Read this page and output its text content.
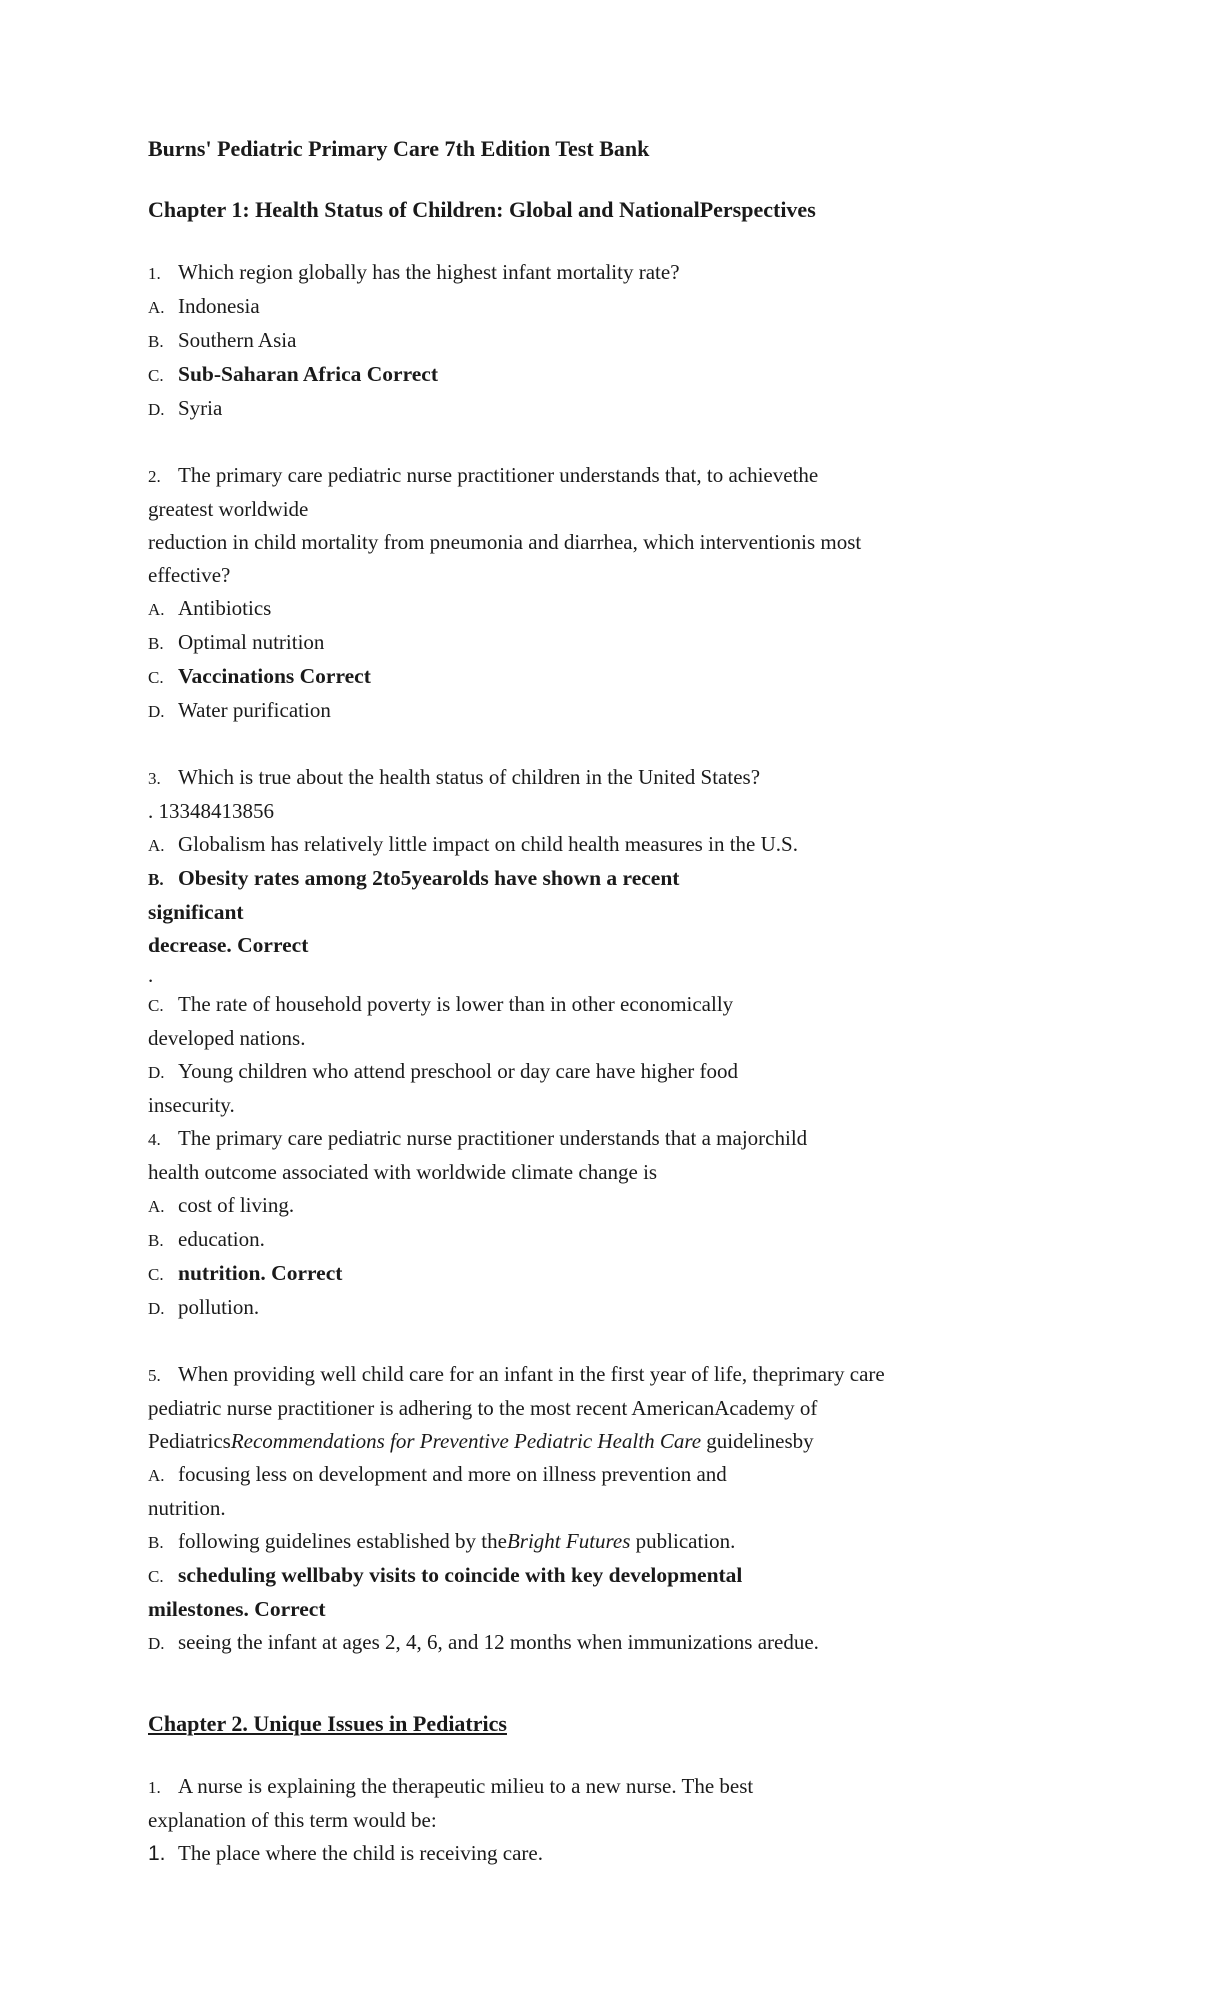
Burns' Pediatric Primary Care 7th Edition Test Bank
Chapter 1: Health Status of Children: Global and NationalPerspectives

1. Which region globally has the highest infant mortality rate?

A. Indonesia

B. Southern Asia

C. Sub-Saharan Africa Correct

D. Syria

2. The primary care pediatric nurse practitioner understands that, to achievethe

greatest worldwide

reduction in child mortality from pneumonia and diarrhea, which interventionis most

effective?

A. Antibiotics

B. Optimal nutrition

C. Vaccinations Correct

D. Water purification

3. Which is true about the health status of children in the United States?

. 13348413856

A. Globalism has relatively little impact on child health measures in the U.S.

B. Obesity rates among 2to5yearolds have shown a recent

significant

decrease. Correct

.

C. The rate of household poverty is lower than in other economically

developed nations.

D. Young children who attend preschool or day care have higher food

insecurity.

4. The primary care pediatric nurse practitioner understands that a majorchild

health outcome associated with worldwide climate change is

A. cost of living.

B. education.

C. nutrition. Correct

D. pollution.

5. When providing well child care for an infant in the first year of life, theprimary care

pediatric nurse practitioner is adhering to the most recent AmericanAcademy of

PediatricsRecommendations for Preventive Pediatric Health Care guidelinesby

A. focusing less on development and more on illness prevention and

nutrition.

B. following guidelines established by theBright Futures publication.

C. scheduling wellbaby visits to coincide with key developmental

milestones. Correct

D. seeing the infant at ages 2, 4, 6, and 12 months when immunizations aredue.

Chapter 2. Unique Issues in Pediatrics

1. A nurse is explaining the therapeutic milieu to a new nurse. The best

explanation of this term would be:

1. The place where the child is receiving care.
